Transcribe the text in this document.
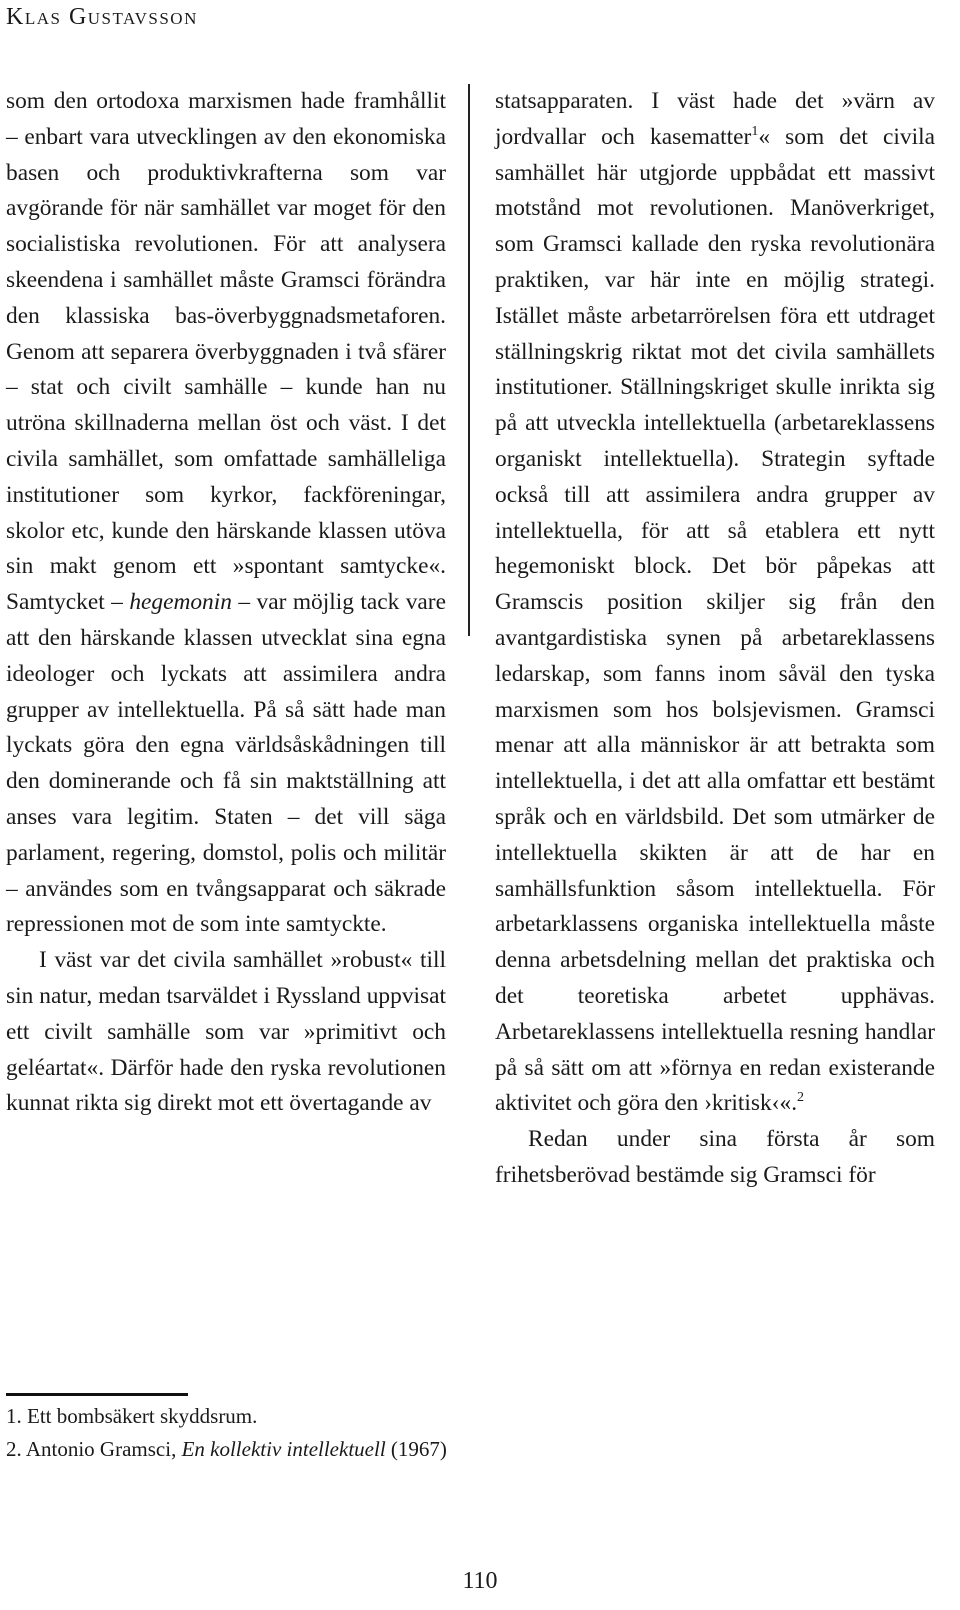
Klas Gustavsson

som den ortodoxa marxismen hade framhållit – enbart vara utvecklingen av den ekonomiska basen och produktivkrafterna som var avgörande för när samhället var moget för den socialistiska revolutionen. För att analysera skeendena i samhället måste Gramsci förändra den klassiska bas-överbyggnadsmetaforen. Genom att separera överbyggnaden i två sfärer – stat och civilt samhälle – kunde han nu utröna skillnaderna mellan öst och väst. I det civila samhället, som omfattade samhälleliga institutioner som kyrkor, fackföreningar, skolor etc, kunde den härskande klassen utöva sin makt genom ett »spontant samtycke«. Samtycket – hegemonin – var möjlig tack vare att den härskande klassen utvecklat sina egna ideologer och lyckats att assimilera andra grupper av intellektuella. På så sätt hade man lyckats göra den egna världsåskådningen till den dominerande och få sin maktställning att anses vara legitim. Staten – det vill säga parlament, regering, domstol, polis och militär – användes som en tvångsapparat och säkrade repressionen mot de som inte samtyckte.

I väst var det civila samhället »robust« till sin natur, medan tsarväldet i Ryssland uppvisat ett civilt samhälle som var »primitivt och geléartat«. Därför hade den ryska revolutionen kunnat rikta sig direkt mot ett övertagande av

statsapparaten. I väst hade det »värn av jordvallar och kasematter$^1$« som det civila samhället här utgjorde uppbådat ett massivt motstånd mot revolutionen. Manöverkriget, som Gramsci kallade den ryska revolutionära praktiken, var här inte en möjlig strategi. Istället måste arbetarrörelsen föra ett utdraget ställningskrig riktat mot det civila samhällets institutioner. Ställningskriget skulle inrikta sig på att utveckla intellektuella (arbetareklassens organiskt intellektuella). Strategin syftade också till att assimilera andra grupper av intellektuella, för att så etablera ett nytt hegemoniskt block. Det bör påpekas att Gramscis position skiljer sig från den avantgardistiska synen på arbetareklassens ledarskap, som fanns inom såväl den tyska marxismen som hos bolsjevismen. Gramsci menar att alla människor är att betrakta som intellektuella, i det att alla omfattar ett bestämt språk och en världsbild. Det som utmärker de intellektuella skikten är att de har en samhällsfunktion såsom intellektuella. För arbetarklassens organiska intellektuella måste denna arbetsdelning mellan det praktiska och det teoretiska arbetet upphävas. Arbetareklassens intellektuella resning handlar på så sätt om att »förnya en redan existerande aktivitet och göra den ›kritisk‹«.$^2$

Redan under sina första år som frihetsberövad bestämde sig Gramsci för

1. Ett bombsäkert skyddsrum.
2. Antonio Gramsci, En kollektiv intellektuell (1967)
110
